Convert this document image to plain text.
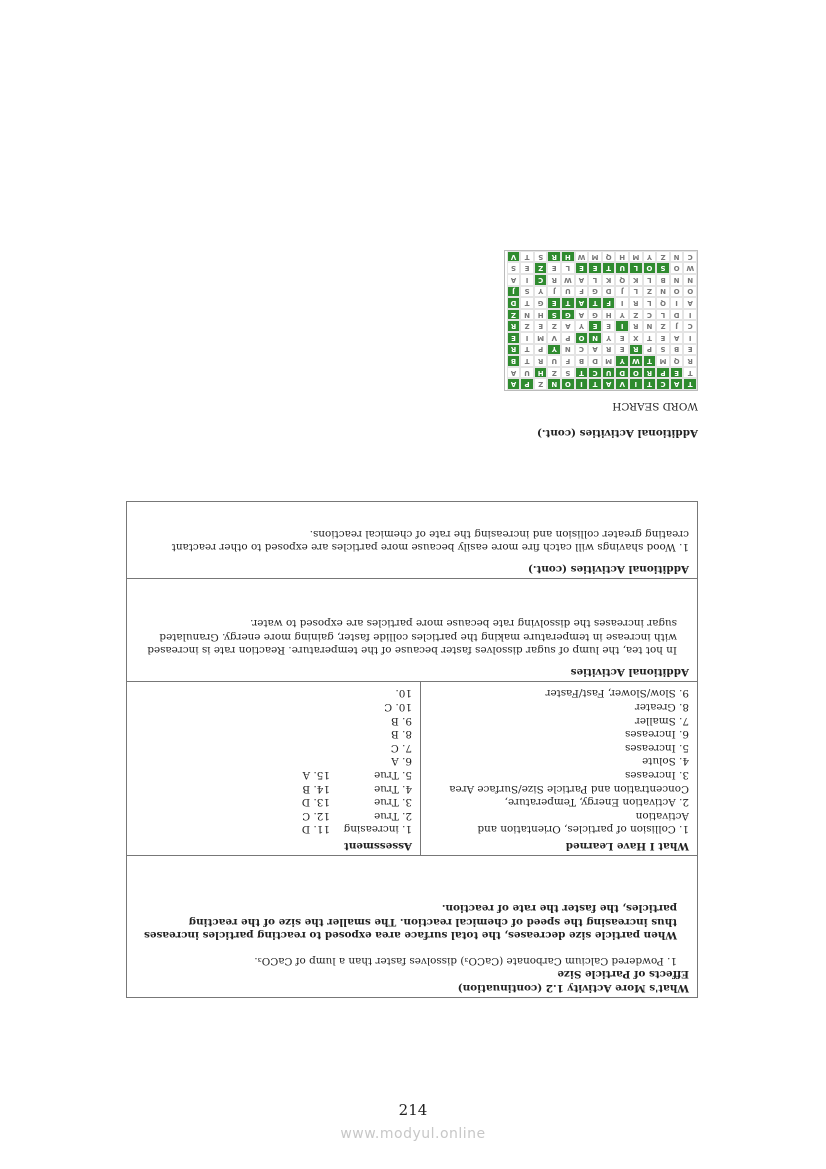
What's More Activity 1.2 (continuation)
Effects of Particle Size
1. Powdered Calcium Carbonate (CaCO₃) dissolves faster than a lump of CaCO₃.
When particle size decreases, the total surface area exposed to reacting particles increases thus increasing the speed of chemical reaction. The smaller the size of the reacting particles, the faster the rate of reaction.
What I Have Learned
1. Collision of particles, Orientation and Activation
2. Activation Energy, Temperature, Concentration and Particle Size/Surface Area
3. Increases
4. Solute
5. Increases
6. Increases
7. Smaller
8. Greater
9. Slow/Slower, Fast/Faster
Assessment
1. increasing
11. D
2. True
12. C
3. True
13. D
4. True
14. B
5. True
15. A
6. A
7. C
8. B
9. B
10. C
10.
Additional Activities
In hot tea, the lump of sugar dissolves faster because of the temperature. Reaction rate is increased with increase in temperature making the particles collide faster, gaining more energy. Granulated sugar increases the dissolving rate because more particles are exposed to water.
Additional Activities (cont.)
1. Wood shavings will catch fire more easily because more particles are exposed to other reactant creating greater collision and increasing the rate of chemical reactions.
Additional Activities (cont.)
WORD SEARCH
T
A
C
T
I
V
A
T
I
O
N
Z
P
A
T
E
P
R
O
D
U
C
T
S
Z
H
U
A
R
Q
M
T
W
Y
M
D
B
F
U
R
T
B
E
B
S
P
R
E
R
A
C
N
Y
P
T
R
I
A
E
T
X
E
Y
N
O
P
V
M
I
E
C
J
Z
N
R
I
E
E
Y
A
Z
E
Z
R
I
D
L
C
Z
Y
H
G
A
G
S
H
N
Z
A
I
Q
L
R
I
F
T
A
T
E
G
T
D
O
O
N
Z
L
J
D
G
F
U
J
Y
S
J
N
N
B
L
K
Q
K
L
A
W
R
C
I
A
W
O
S
O
L
U
T
E
E
L
E
Z
E
S
C
N
Z
Y
M
H
Q
M
W
H
R
S
T
V
214
www.modyul.online
